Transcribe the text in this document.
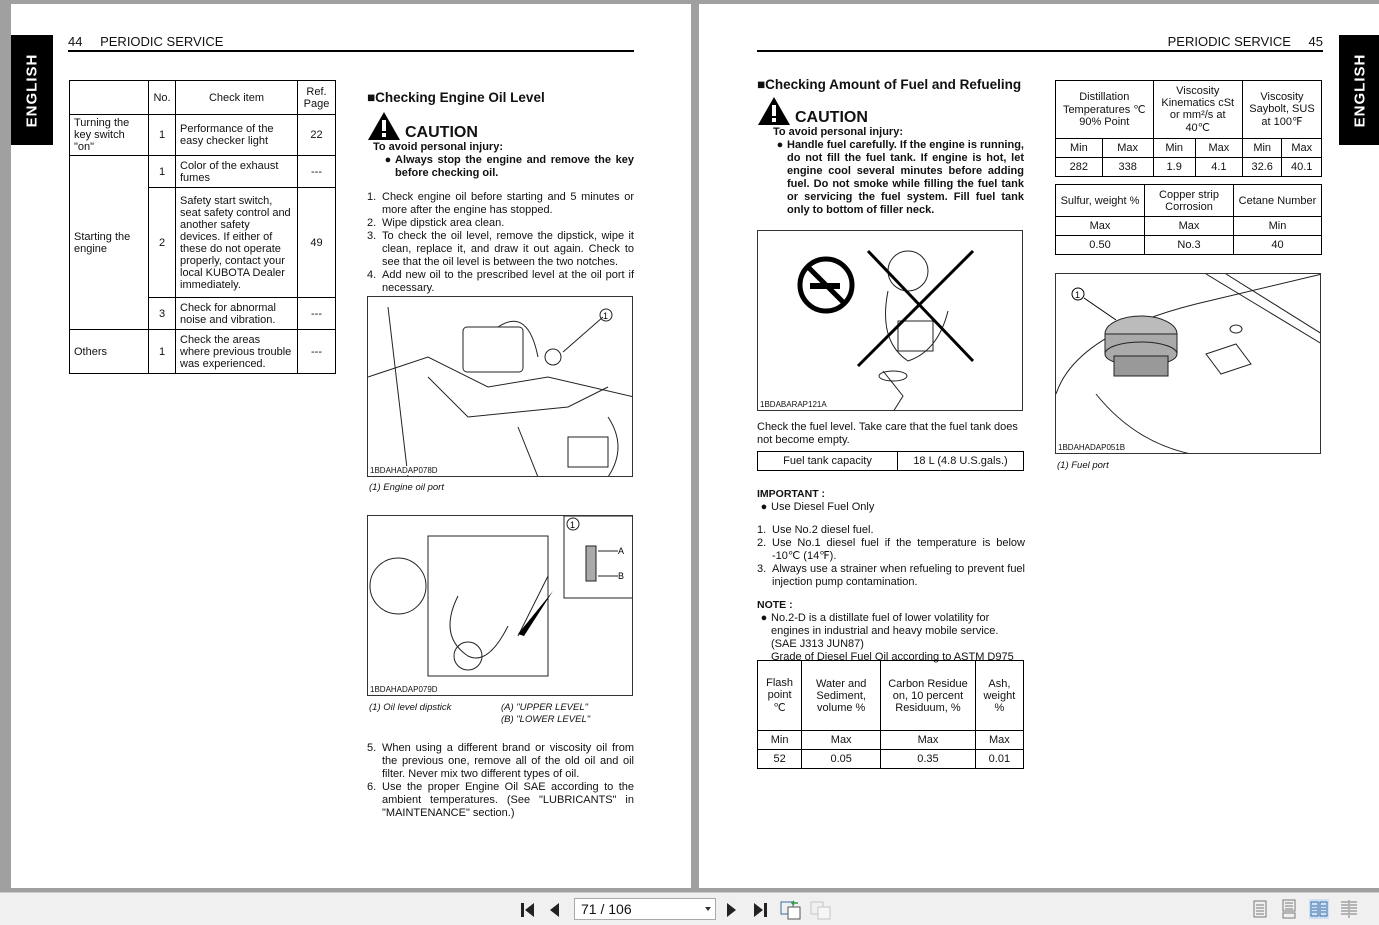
ENGLISH
44 PERIODIC SERVICE
	No.	Check item	Ref. Page
Turning the key switch "on"	1	Performance of the easy checker light	22
Starting the engine	1	Color of the exhaust fumes	---
	2	Safety start switch, seat safety control and another safety devices. If either of these do not operate properly, contact your local KUBOTA Dealer immediately.	49
	3	Check for abnormal noise and vibration.	---
Others	1	Check the areas where previous trouble was experienced.	---
■Checking Engine Oil Level
CAUTION
To avoid personal injury:
● Always stop the engine and remove the key before checking oil.
1. Check engine oil before starting and 5 minutes or more after the engine has stopped.
2. Wipe dipstick area clean.
3. To check the oil level, remove the dipstick, wipe it clean, replace it, and draw it out again. Check to see that the oil level is between the two notches.
4. Add new oil to the prescribed level at the oil port if necessary.
1
1BDAHADAP078D
(1) Engine oil port
1
A
B
1BDAHADAP079D
(1) Oil level dipstick	(A) "UPPER LEVEL"
(B) "LOWER LEVEL"
5. When using a different brand or viscosity oil from the previous one, remove all of the old oil and oil filter. Never mix two different types of oil.
6. Use the proper Engine Oil SAE according to the ambient temperatures. (See "LUBRICANTS" in "MAINTENANCE" section.)
ENGLISH
PERIODIC SERVICE 45
■Checking Amount of Fuel and Refueling
CAUTION
To avoid personal injury:
● Handle fuel carefully. If the engine is running, do not fill the fuel tank. If engine is hot, let engine cool several minutes before adding fuel. Do not smoke while filling the fuel tank or servicing the fuel system. Fill fuel tank only to bottom of filler neck.
1BDABARAP121A
Check the fuel level. Take care that the fuel tank does not become empty.
Fuel tank capacity	18 L (4.8 U.S.gals.)
IMPORTANT :
● Use Diesel Fuel Only
1. Use No.2 diesel fuel.
2. Use No.1 diesel fuel if the temperature is below -10℃ (14℉).
3. Always use a strainer when refueling to prevent fuel injection pump contamination.
NOTE :
● No.2-D is a distillate fuel of lower volatility for engines in industrial and heavy mobile service.
(SAE J313 JUN87)
Grade of Diesel Fuel Oil according to ASTM D975
Flash point ℃	Water and Sediment, volume %	Carbon Residue on, 10 percent Residuum, %	Ash, weight %
Min	Max	Max	Max
52	0.05	0.35	0.01
Distillation Temperatures ℃ 90% Point		Viscosity Kinematics cSt or mm²/s at 40℃		Viscosity Saybolt, SUS at 100℉	
Min	Max	Min	Max	Min	Max
282	338	1.9	4.1	32.6	40.1
Sulfur, weight %	Copper strip Corrosion	Cetane Number
Max	Max	Min
0.50	No.3	40
1
1BDAHADAP051B
(1) Fuel port
71 / 106
